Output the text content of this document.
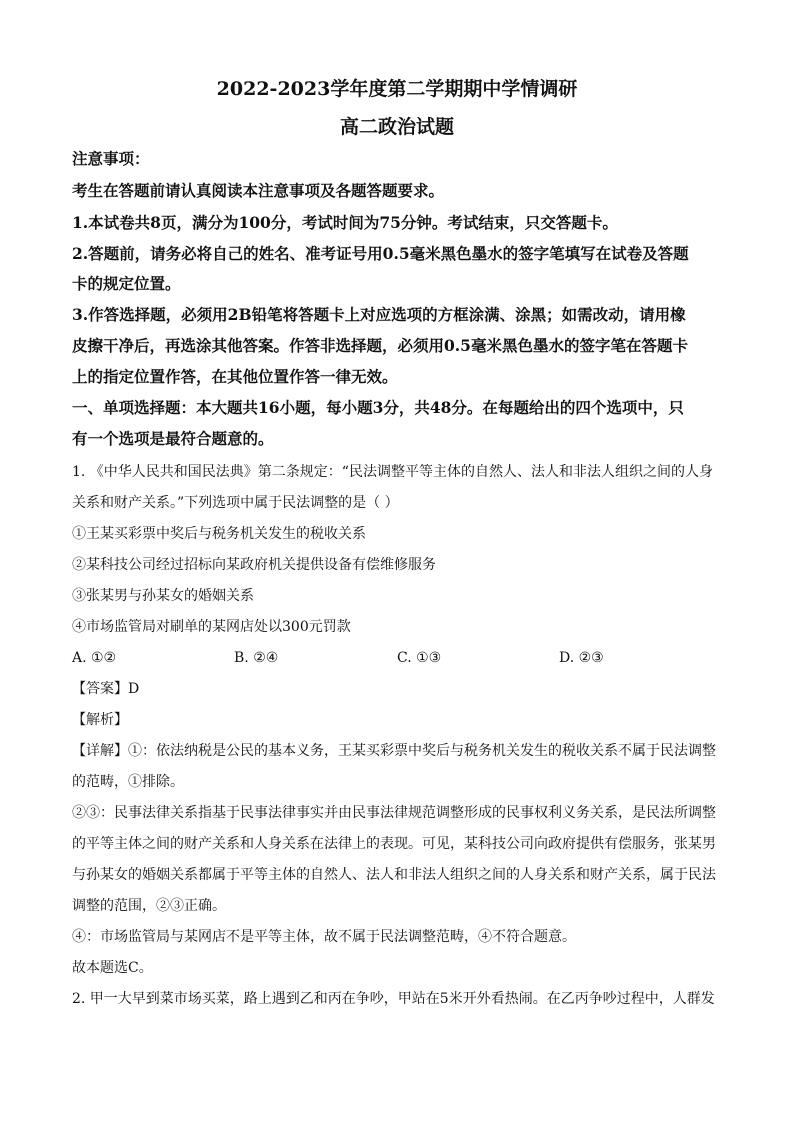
2022-2023学年度第二学期期中学情调研
高二政治试题
注意事项：
考生在答题前请认真阅读本注意事项及各题答题要求。
1.本试卷共8页，满分为100分，考试时间为75分钟。考试结束，只交答题卡。
2.答题前，请务必将自己的姓名、准考证号用0.5毫米黑色墨水的签字笔填写在试卷及答题
卡的规定位置。
3.作答选择题，必须用2B铅笔将答题卡上对应选项的方框涂满、涂黑；如需改动，请用橡
皮擦干净后，再选涂其他答案。作答非选择题，必须用0.5毫米黑色墨水的签字笔在答题卡
上的指定位置作答，在其他位置作答一律无效。
一、单项选择题：本大题共16小题，每小题3分，共48分。在每题给出的四个选项中，只
有一个选项是最符合题意的。
1. 《中华人民共和国民法典》第二条规定：“民法调整平等主体的自然人、法人和非法人组织之间的人身
关系和财产关系。”下列选项中属于民法调整的是（ ）
①王某买彩票中奖后与税务机关发生的税收关系
②某科技公司经过招标向某政府机关提供设备有偿维修服务
③张某男与孙某女的婚姻关系
④市场监管局对刷单的某网店处以300元罚款
A. ①②	B. ②④	C. ①③	D. ②③
【答案】D
【解析】
【详解】①：依法纳税是公民的基本义务，王某买彩票中奖后与税务机关发生的税收关系不属于民法调整
的范畴，①排除。
②③：民事法律关系指基于民事法律事实并由民事法律规范调整形成的民事权利义务关系，是民法所调整
的平等主体之间的财产关系和人身关系在法律上的表现。可见，某科技公司向政府提供有偿服务，张某男
与孙某女的婚姻关系都属于平等主体的自然人、法人和非法人组织之间的人身关系和财产关系，属于民法
调整的范围，②③正确。
④：市场监管局与某网店不是平等主体，故不属于民法调整范畴，④不符合题意。
故本题选C。
2. 甲一大早到菜市场买菜，路上遇到乙和丙在争吵，甲站在5米开外看热闹。在乙丙争吵过程中，人群发
